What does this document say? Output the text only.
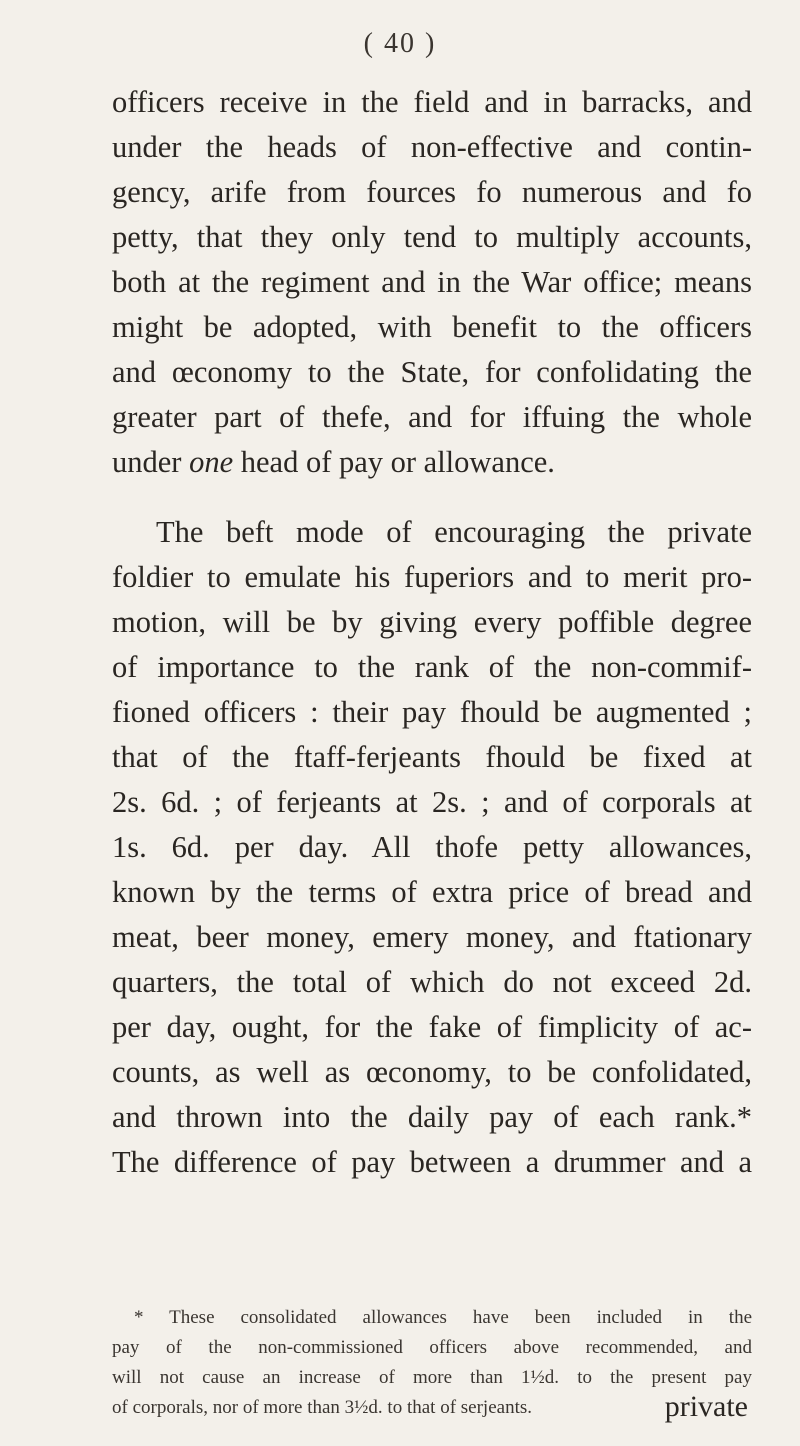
( 40 )

officers receive in the field and in barracks, and
under the heads of non-effective and contin-
gency, arife from fources fo numerous and fo
petty, that they only tend to multiply accounts,
both at the regiment and in the War office; means
might be adopted, with benefit to the officers
and œconomy to the State, for confolidating the
greater part of thefe, and for iffuing the whole
under one head of pay or allowance.

The beft mode of encouraging the private
foldier to emulate his fuperiors and to merit pro-
motion, will be by giving every poffible degree
of importance to the rank of the non-commif-
fioned officers : their pay fhould be augmented ;
that of the ftaff-ferjeants fhould be fixed at
2s. 6d. ; of ferjeants at 2s. ; and of corporals at
1s. 6d. per day. All thofe petty allowances,
known by the terms of extra price of bread and
meat, beer money, emery money, and ftationary
quarters, the total of which do not exceed 2d.
per day, ought, for the fake of fimplicity of ac-
counts, as well as œconomy, to be confolidated,
and thrown into the daily pay of each rank.*
The difference of pay between a drummer and a

* These consolidated allowances have been included in the
pay of the non-commissioned officers above recommended, and
will not cause an increase of more than 1½d. to the present pay
of corporals, nor of more than 3½d. to that of serjeants.	private
